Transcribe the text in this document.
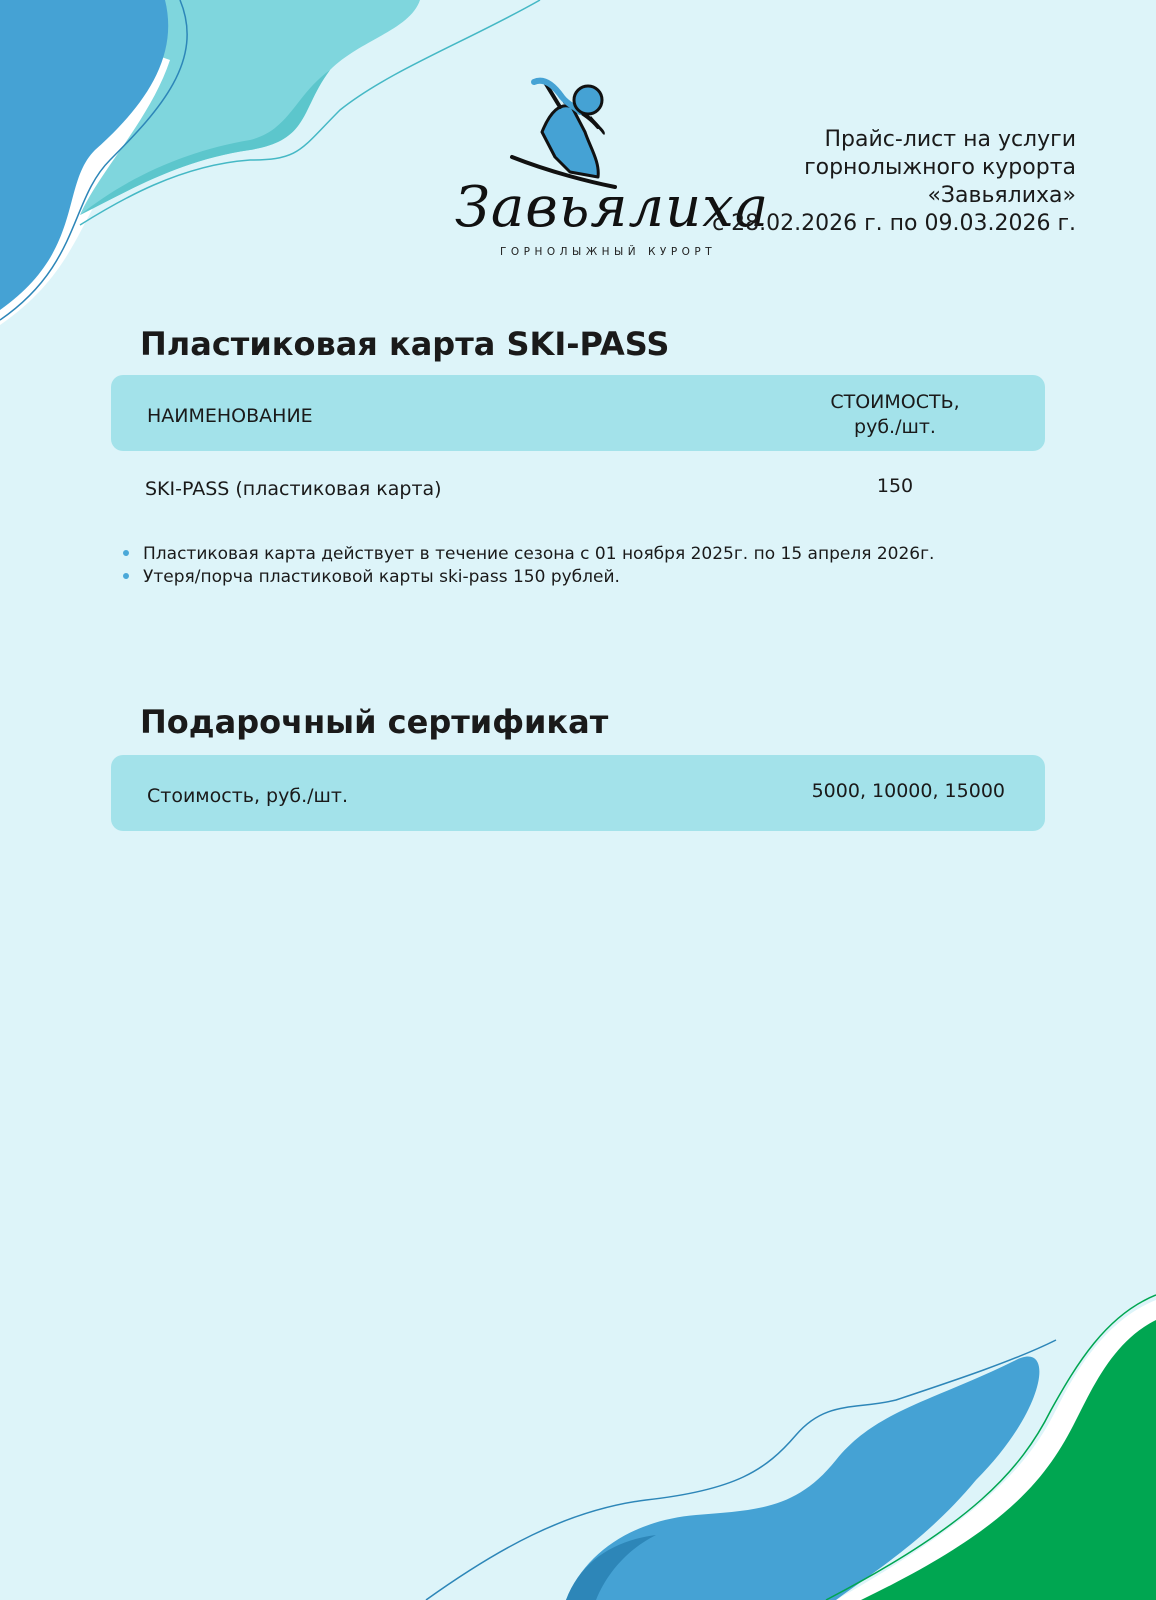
Завьялиха
ГОРНОЛЫЖНЫЙ КУРОРТ
Прайс-лист на услуги
горнолыжного курорта
«Завьялиха»
с 28.02.2026 г. по 09.03.2026 г.
Пластиковая карта SKI-PASS
НАИМЕНОВАНИЕ
СТОИМОСТЬ,
руб./шт.
SKI-PASS (пластиковая карта)	150
Пластиковая карта действует в течение сезона с 01 ноября 2025г. по 15 апреля 2026г.
Утеря/порча пластиковой карты ski-pass 150 рублей.
Подарочный сертификат
Стоимость, руб./шт.	5000, 10000, 15000
